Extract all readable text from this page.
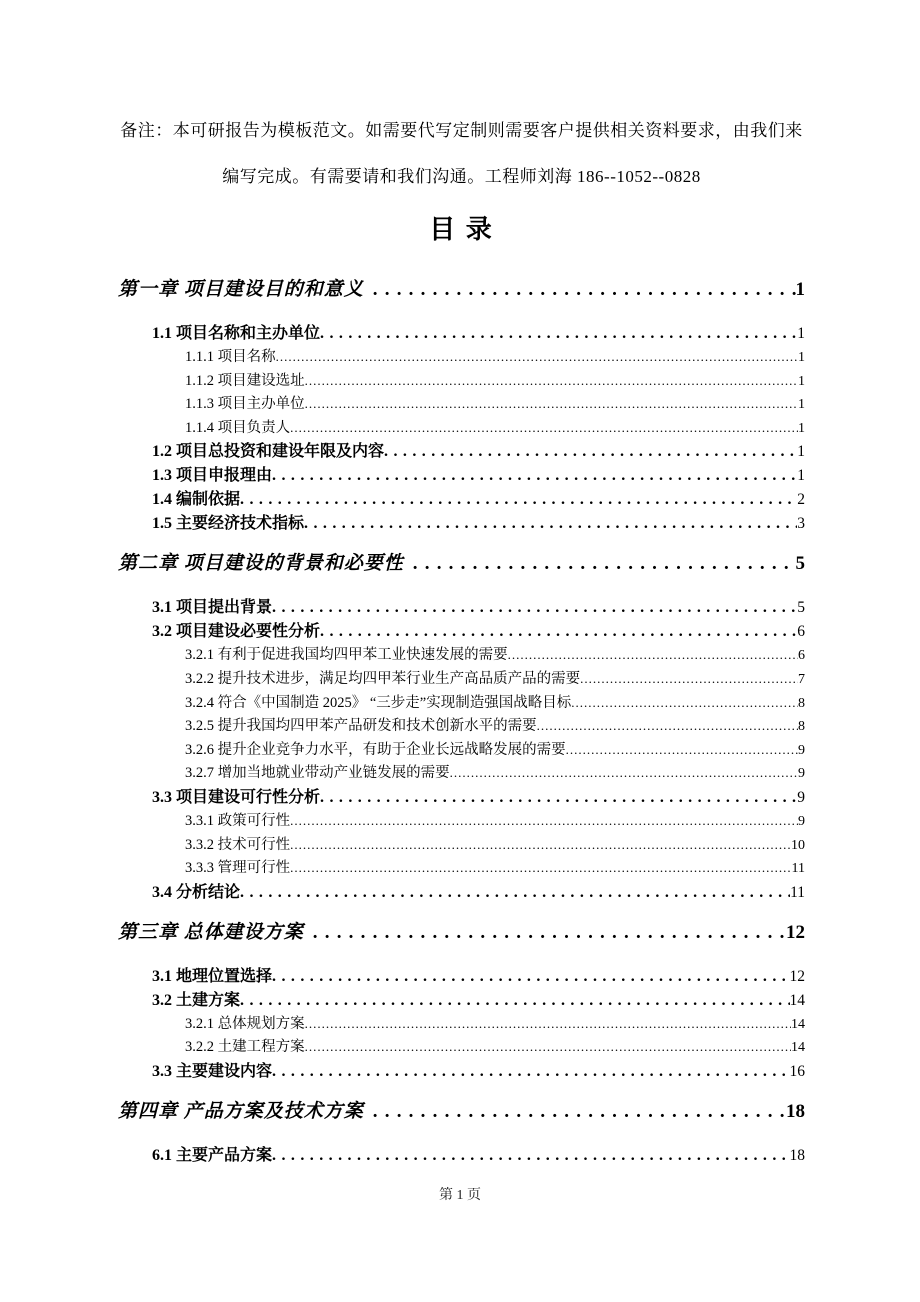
备注：本可研报告为模板范文。如需要代写定制则需要客户提供相关资料要求，由我们来
编写完成。有需要请和我们沟通。工程师刘海 186--1052--0828
目 录
第一章 项目建设目的和意义 .....	1
1.1 项目名称和主办单位 .....	1
1.1.1 项目名称 .....	1
1.1.2 项目建设选址 .....	1
1.1.3 项目主办单位 .....	1
1.1.4 项目负责人 .....	1
1.2 项目总投资和建设年限及内容 .....	1
1.3 项目申报理由 .....	1
1.4 编制依据 .....	2
1.5 主要经济技术指标 .....	3
第二章 项目建设的背景和必要性 .....	5
3.1 项目提出背景 .....	5
3.2 项目建设必要性分析 .....	6
3.2.1 有利于促进我国均四甲苯工业快速发展的需要 .....	6
3.2.2 提升技术进步，满足均四甲苯行业生产高品质产品的需要 .....	7
3.2.4 符合《中国制造 2025》 “三步走”实现制造强国战略目标 .....	8
3.2.5 提升我国均四甲苯产品研发和技术创新水平的需要 .....	8
3.2.6 提升企业竞争力水平，有助于企业长远战略发展的需要 .....	9
3.2.7 增加当地就业带动产业链发展的需要 .....	9
3.3 项目建设可行性分析 .....	9
3.3.1 政策可行性 .....	9
3.3.2 技术可行性 .....	10
3.3.3 管理可行性 .....	11
3.4 分析结论 .....	11
第三章 总体建设方案 .....	12
3.1 地理位置选择 .....	12
3.2 土建方案 .....	14
3.2.1 总体规划方案 .....	14
3.2.2 土建工程方案 .....	14
3.3 主要建设内容 .....	16
第四章 产品方案及技术方案 .....	18
6.1 主要产品方案 .....	18
第 1 页
